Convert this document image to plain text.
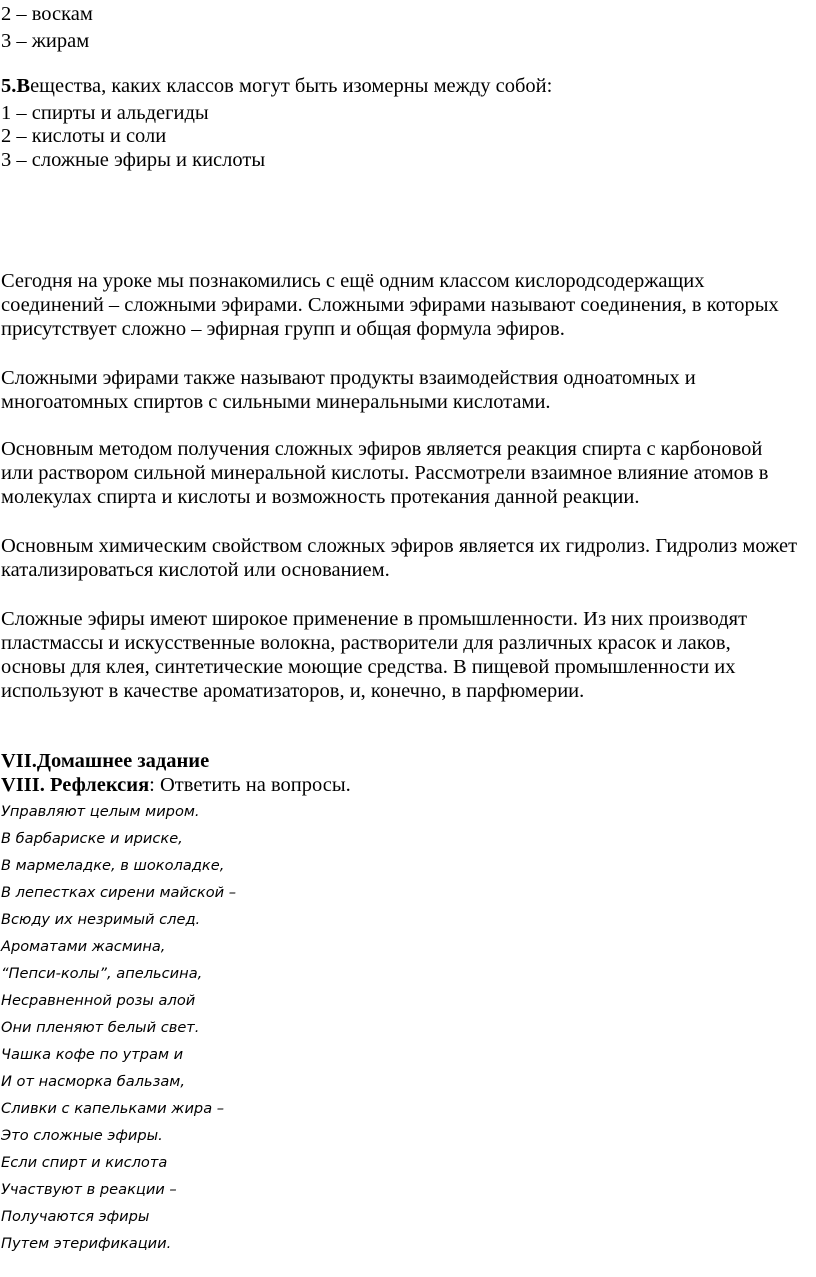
2 – воскам
3 – жирам
5.Вещества, каких классов могут быть изомерны между собой:
1 – спирты и альдегиды
2 – кислоты и соли
3 – сложные эфиры и кислоты
Сегодня на уроке мы познакомились с ещё одним классом кислородсодержащих
соединений – сложными эфирами. Сложными эфирами называют соединения, в которых
присутствует сложно – эфирная групп и общая формула эфиров.
Сложными эфирами также называют продукты взаимодействия одноатомных и
многоатомных спиртов с сильными минеральными кислотами.
Основным методом получения сложных эфиров является реакция спирта с карбоновой
или раствором сильной минеральной кислоты. Рассмотрели взаимное влияние атомов в
молекулах спирта и кислоты и возможность протекания данной реакции.
Основным химическим свойством сложных эфиров является их гидролиз. Гидролиз может
катализироваться кислотой или основанием.
Сложные эфиры имеют широкое применение в промышленности. Из них производят
пластмассы и искусственные волокна, растворители для различных красок и лаков,
основы для клея, синтетические моющие средства. В пищевой промышленности их
используют в качестве ароматизаторов, и, конечно, в парфюмерии.
VII.Домашнее задание
VIII. Рефлексия: Ответить на вопросы.
Управляют целым миром.
В барбариске и ириске,
В мармеладке, в шоколадке,
В лепестках сирени майской –
Всюду их незримый след.
Ароматами жасмина,
“Пепси-колы”, апельсина,
Несравненной розы алой
Они пленяют белый свет.
Чашка кофе по утрам и
И от насморка бальзам,
Сливки с капельками жира –
Это сложные эфиры.
Если спирт и кислота
Участвуют в реакции –
Получаются эфиры
Путем этерификации.
